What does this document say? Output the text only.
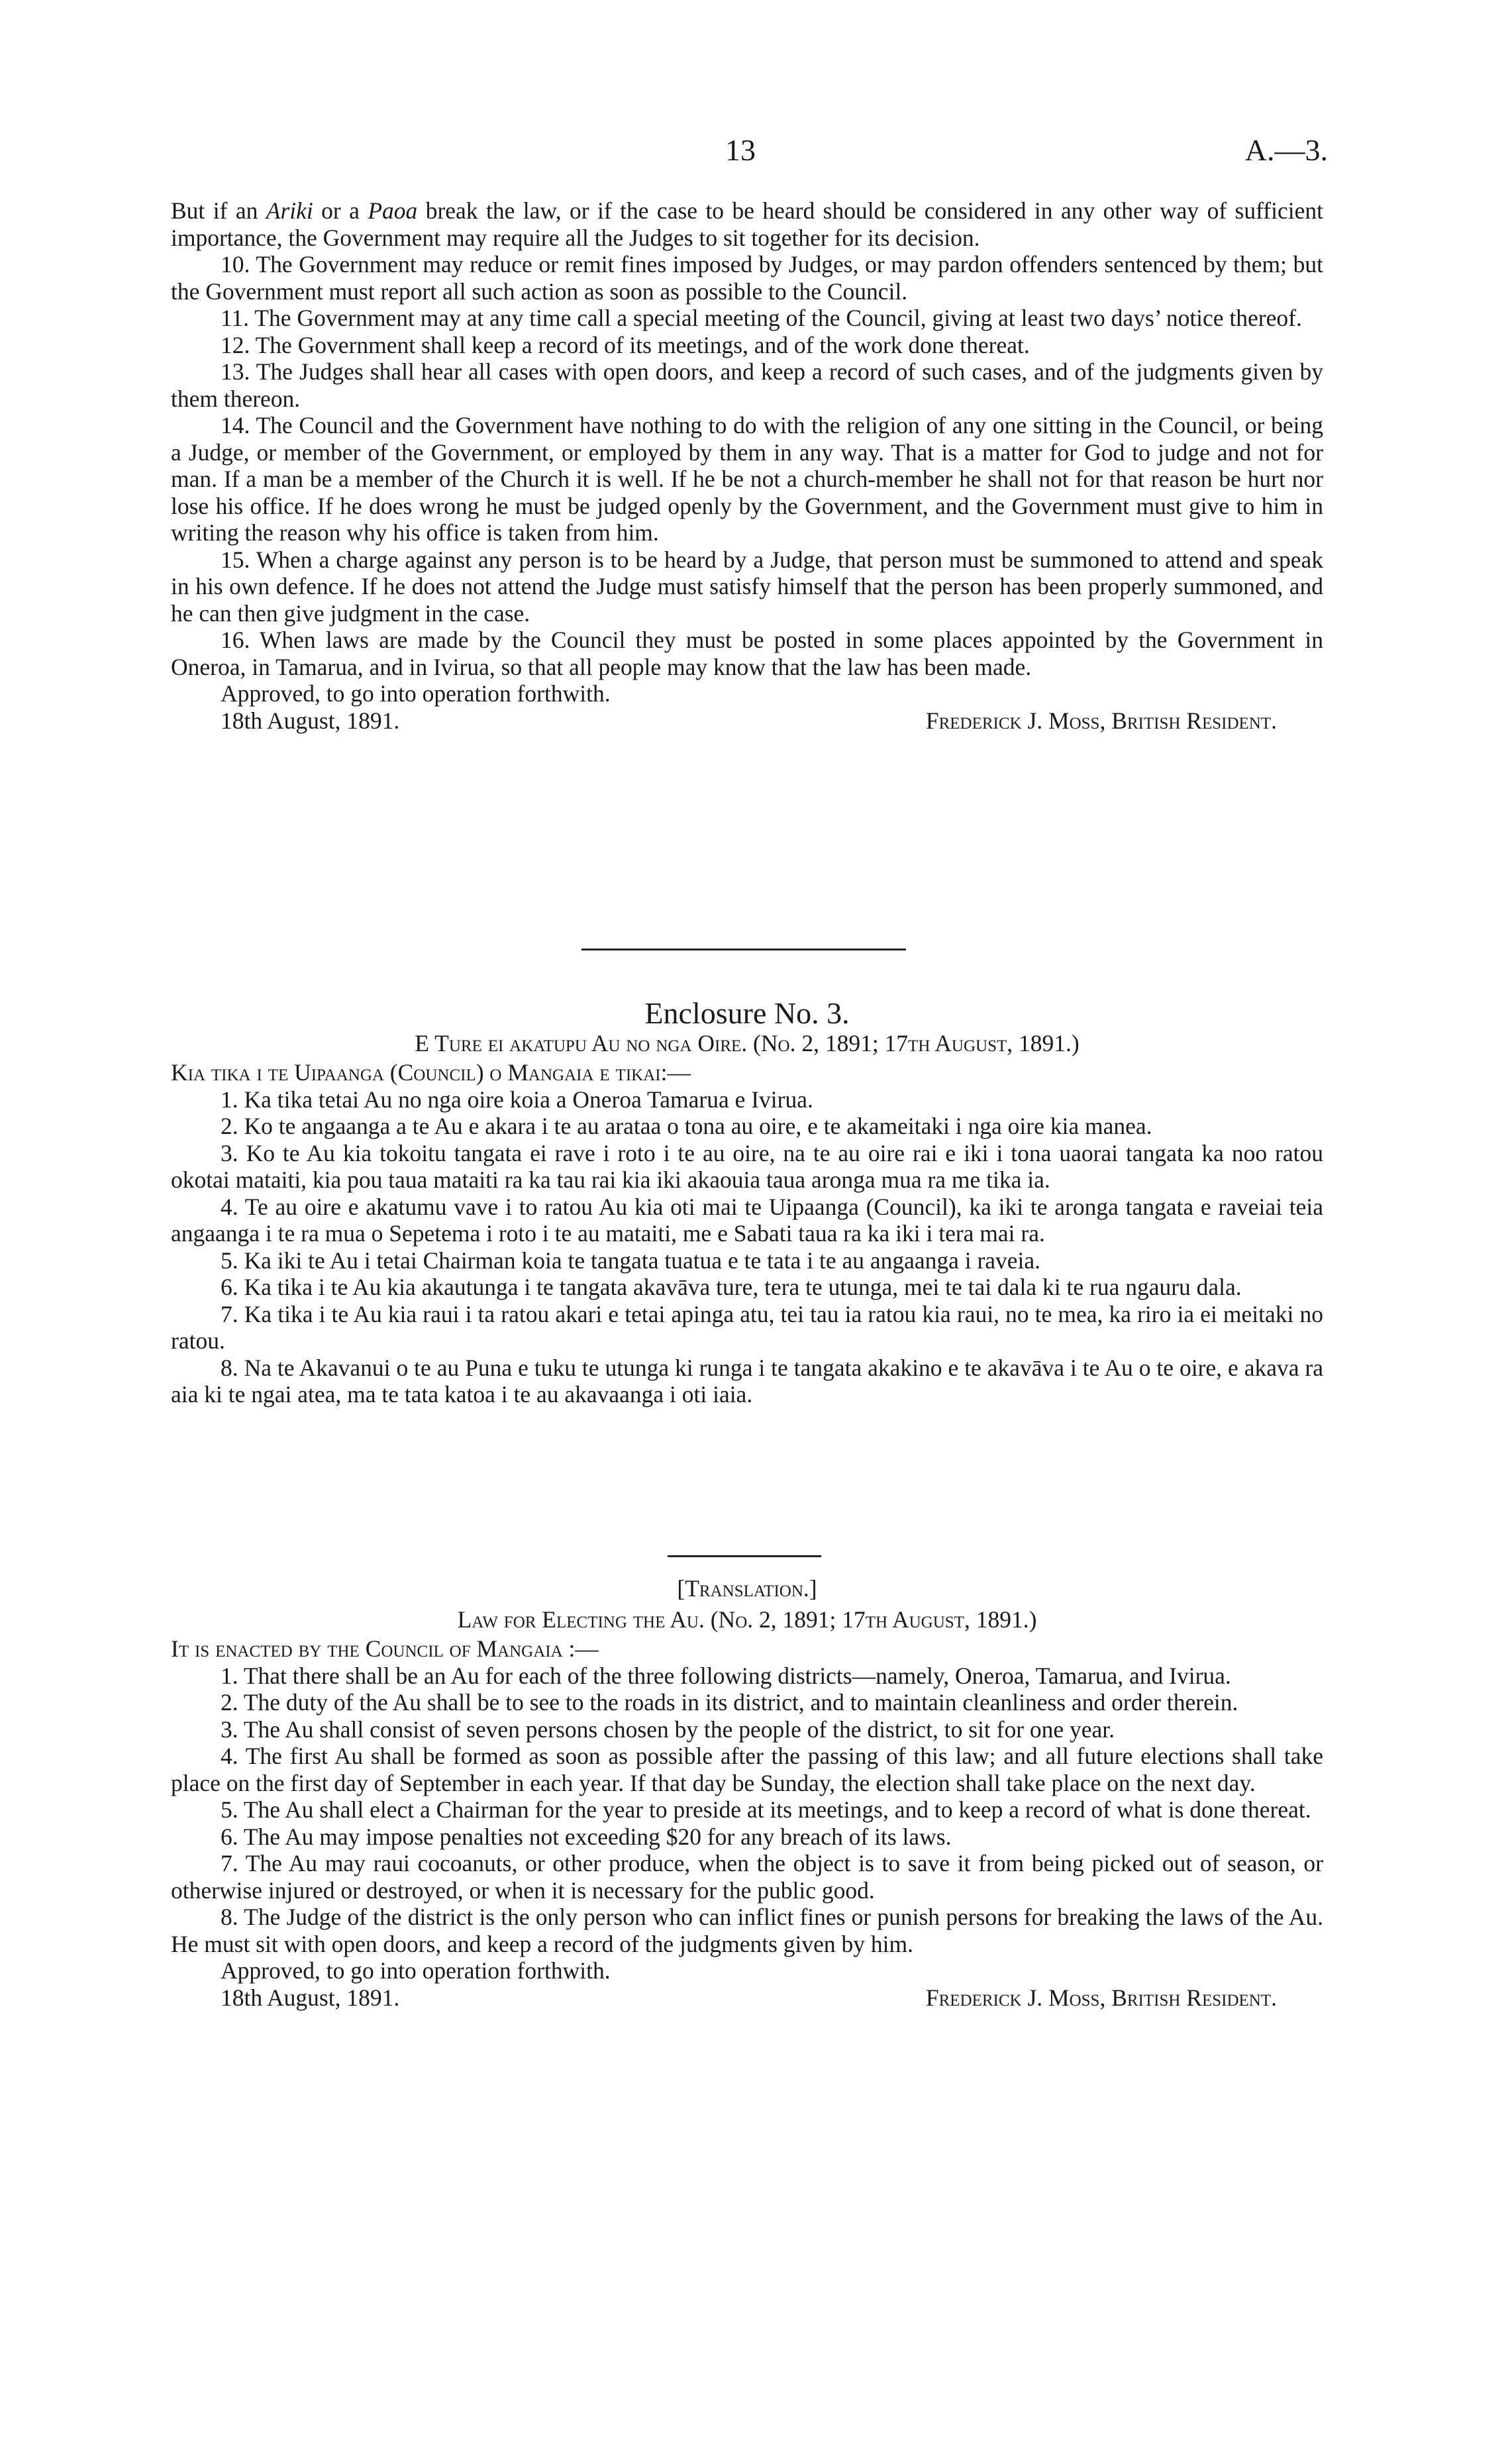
13	A.—3.

But if an Ariki or a Paoa break the law, or if the case to be heard should be considered in any other way of sufficient importance, the Government may require all the Judges to sit together for its decision.

10. The Government may reduce or remit fines imposed by Judges, or may pardon offenders sentenced by them; but the Government must report all such action as soon as possible to the Council.

11. The Government may at any time call a special meeting of the Council, giving at least two days’ notice thereof.

12. The Government shall keep a record of its meetings, and of the work done thereat.

13. The Judges shall hear all cases with open doors, and keep a record of such cases, and of the judgments given by them thereon.

14. The Council and the Government have nothing to do with the religion of any one sitting in the Council, or being a Judge, or member of the Government, or employed by them in any way. That is a matter for God to judge and not for man. If a man be a member of the Church it is well. If he be not a church-member he shall not for that reason be hurt nor lose his office. If he does wrong he must be judged openly by the Government, and the Government must give to him in writing the reason why his office is taken from him.

15. When a charge against any person is to be heard by a Judge, that person must be summoned to attend and speak in his own defence. If he does not attend the Judge must satisfy himself that the person has been properly summoned, and he can then give judgment in the case.

16. When laws are made by the Council they must be posted in some places appointed by the Government in Oneroa, in Tamarua, and in Ivirua, so that all people may know that the law has been made.

Approved, to go into operation forthwith.
18th August, 1891.	Frederick J. Moss, British Resident.
Enclosure No. 3.
E Ture ei akatupu Au no nga Oire. (No. 2, 1891; 17th August, 1891.)

Kia tika i te Uipaanga (Council) o Mangaia e tikai:—

1. Ka tika tetai Au no nga oire koia a Oneroa Tamarua e Ivirua.

2. Ko te angaanga a te Au e akara i te au arataa o tona au oire, e te akameitaki i nga oire kia manea.

3. Ko te Au kia tokoitu tangata ei rave i roto i te au oire, na te au oire rai e iki i tona uaorai tangata ka noo ratou okotai mataiti, kia pou taua mataiti ra ka tau rai kia iki akaouia taua aronga mua ra me tika ia.

4. Te au oire e akatumu vave i to ratou Au kia oti mai te Uipaanga (Council), ka iki te aronga tangata e raveiai teia angaanga i te ra mua o Sepetema i roto i te au mataiti, me e Sabati taua ra ka iki i tera mai ra.

5. Ka iki te Au i tetai Chairman koia te tangata tuatua e te tata i te au angaanga i raveia.

6. Ka tika i te Au kia akautunga i te tangata akavāva ture, tera te utunga, mei te tai dala ki te rua ngauru dala.

7. Ka tika i te Au kia raui i ta ratou akari e tetai apinga atu, tei tau ia ratou kia raui, no te mea, ka riro ia ei meitaki no ratou.

8. Na te Akavanui o te au Puna e tuku te utunga ki runga i te tangata akakino e te akavāva i te Au o te oire, e akava ra aia ki te ngai atea, ma te tata katoa i te au akavaanga i oti iaia.

[Translation.]
Law for Electing the Au. (No. 2, 1891; 17th August, 1891.)

It is enacted by the Council of Mangaia :—

1. That there shall be an Au for each of the three following districts—namely, Oneroa, Tamarua, and Ivirua.

2. The duty of the Au shall be to see to the roads in its district, and to maintain cleanliness and order therein.

3. The Au shall consist of seven persons chosen by the people of the district, to sit for one year.

4. The first Au shall be formed as soon as possible after the passing of this law; and all future elections shall take place on the first day of September in each year. If that day be Sunday, the election shall take place on the next day.

5. The Au shall elect a Chairman for the year to preside at its meetings, and to keep a record of what is done thereat.

6. The Au may impose penalties not exceeding $20 for any breach of its laws.

7. The Au may raui cocoanuts, or other produce, when the object is to save it from being picked out of season, or otherwise injured or destroyed, or when it is necessary for the public good.

8. The Judge of the district is the only person who can inflict fines or punish persons for breaking the laws of the Au. He must sit with open doors, and keep a record of the judgments given by him.

Approved, to go into operation forthwith.
18th August, 1891.	Frederick J. Moss, British Resident.
